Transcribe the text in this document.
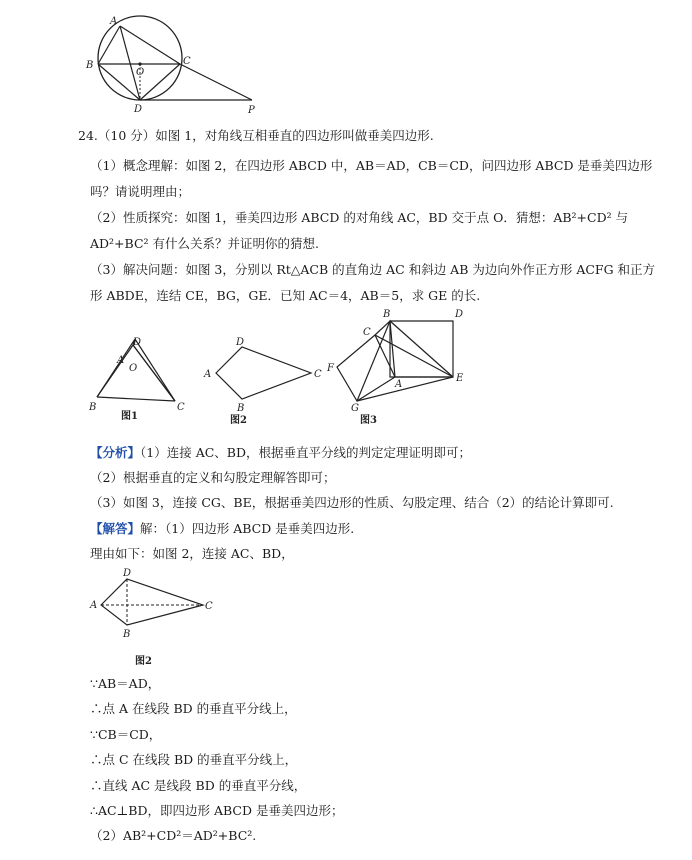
A
B	C
O
D	P
24.（10 分）如图 1，对角线互相垂直的四边形叫做垂美四边形.
（1）概念理解：如图 2，在四边形 ABCD 中，AB＝AD，CB＝CD，问四边形 ABCD 是垂美四边形吗？请说明理由；
（2）性质探究：如图 1，垂美四边形 ABCD 的对角线 AC，BD 交于点 O．猜想：AB²+CD² 与 AD²+BC² 有什么关系？并证明你的猜想.
（3）解决问题：如图 3，分别以 Rt△ACB 的直角边 AC 和斜边 AB 为边向外作正方形 ACFG 和正方形 ABDE，连结 CE，BG，GE．已知 AC＝4，AB＝5，求 GE 的长.
A
D
O
B	C
图1
D
A	C
B
图2
B	D
C
F
A
E
G
图3
【分析】（1）连接 AC、BD，根据垂直平分线的判定定理证明即可；
（2）根据垂直的定义和勾股定理解答即可；
（3）如图 3，连接 CG、BE，根据垂美四边形的性质、勾股定理、结合（2）的结论计算即可.
【解答】解：（1）四边形 ABCD 是垂美四边形.
理由如下：如图 2，连接 AC、BD，
D
A	C
B
图2
∵AB＝AD，
∴点 A 在线段 BD 的垂直平分线上，
∵CB＝CD，
∴点 C 在线段 BD 的垂直平分线上，
∴直线 AC 是线段 BD 的垂直平分线，
∴AC⊥BD，即四边形 ABCD 是垂美四边形；
（2）AB²+CD²＝AD²+BC².
